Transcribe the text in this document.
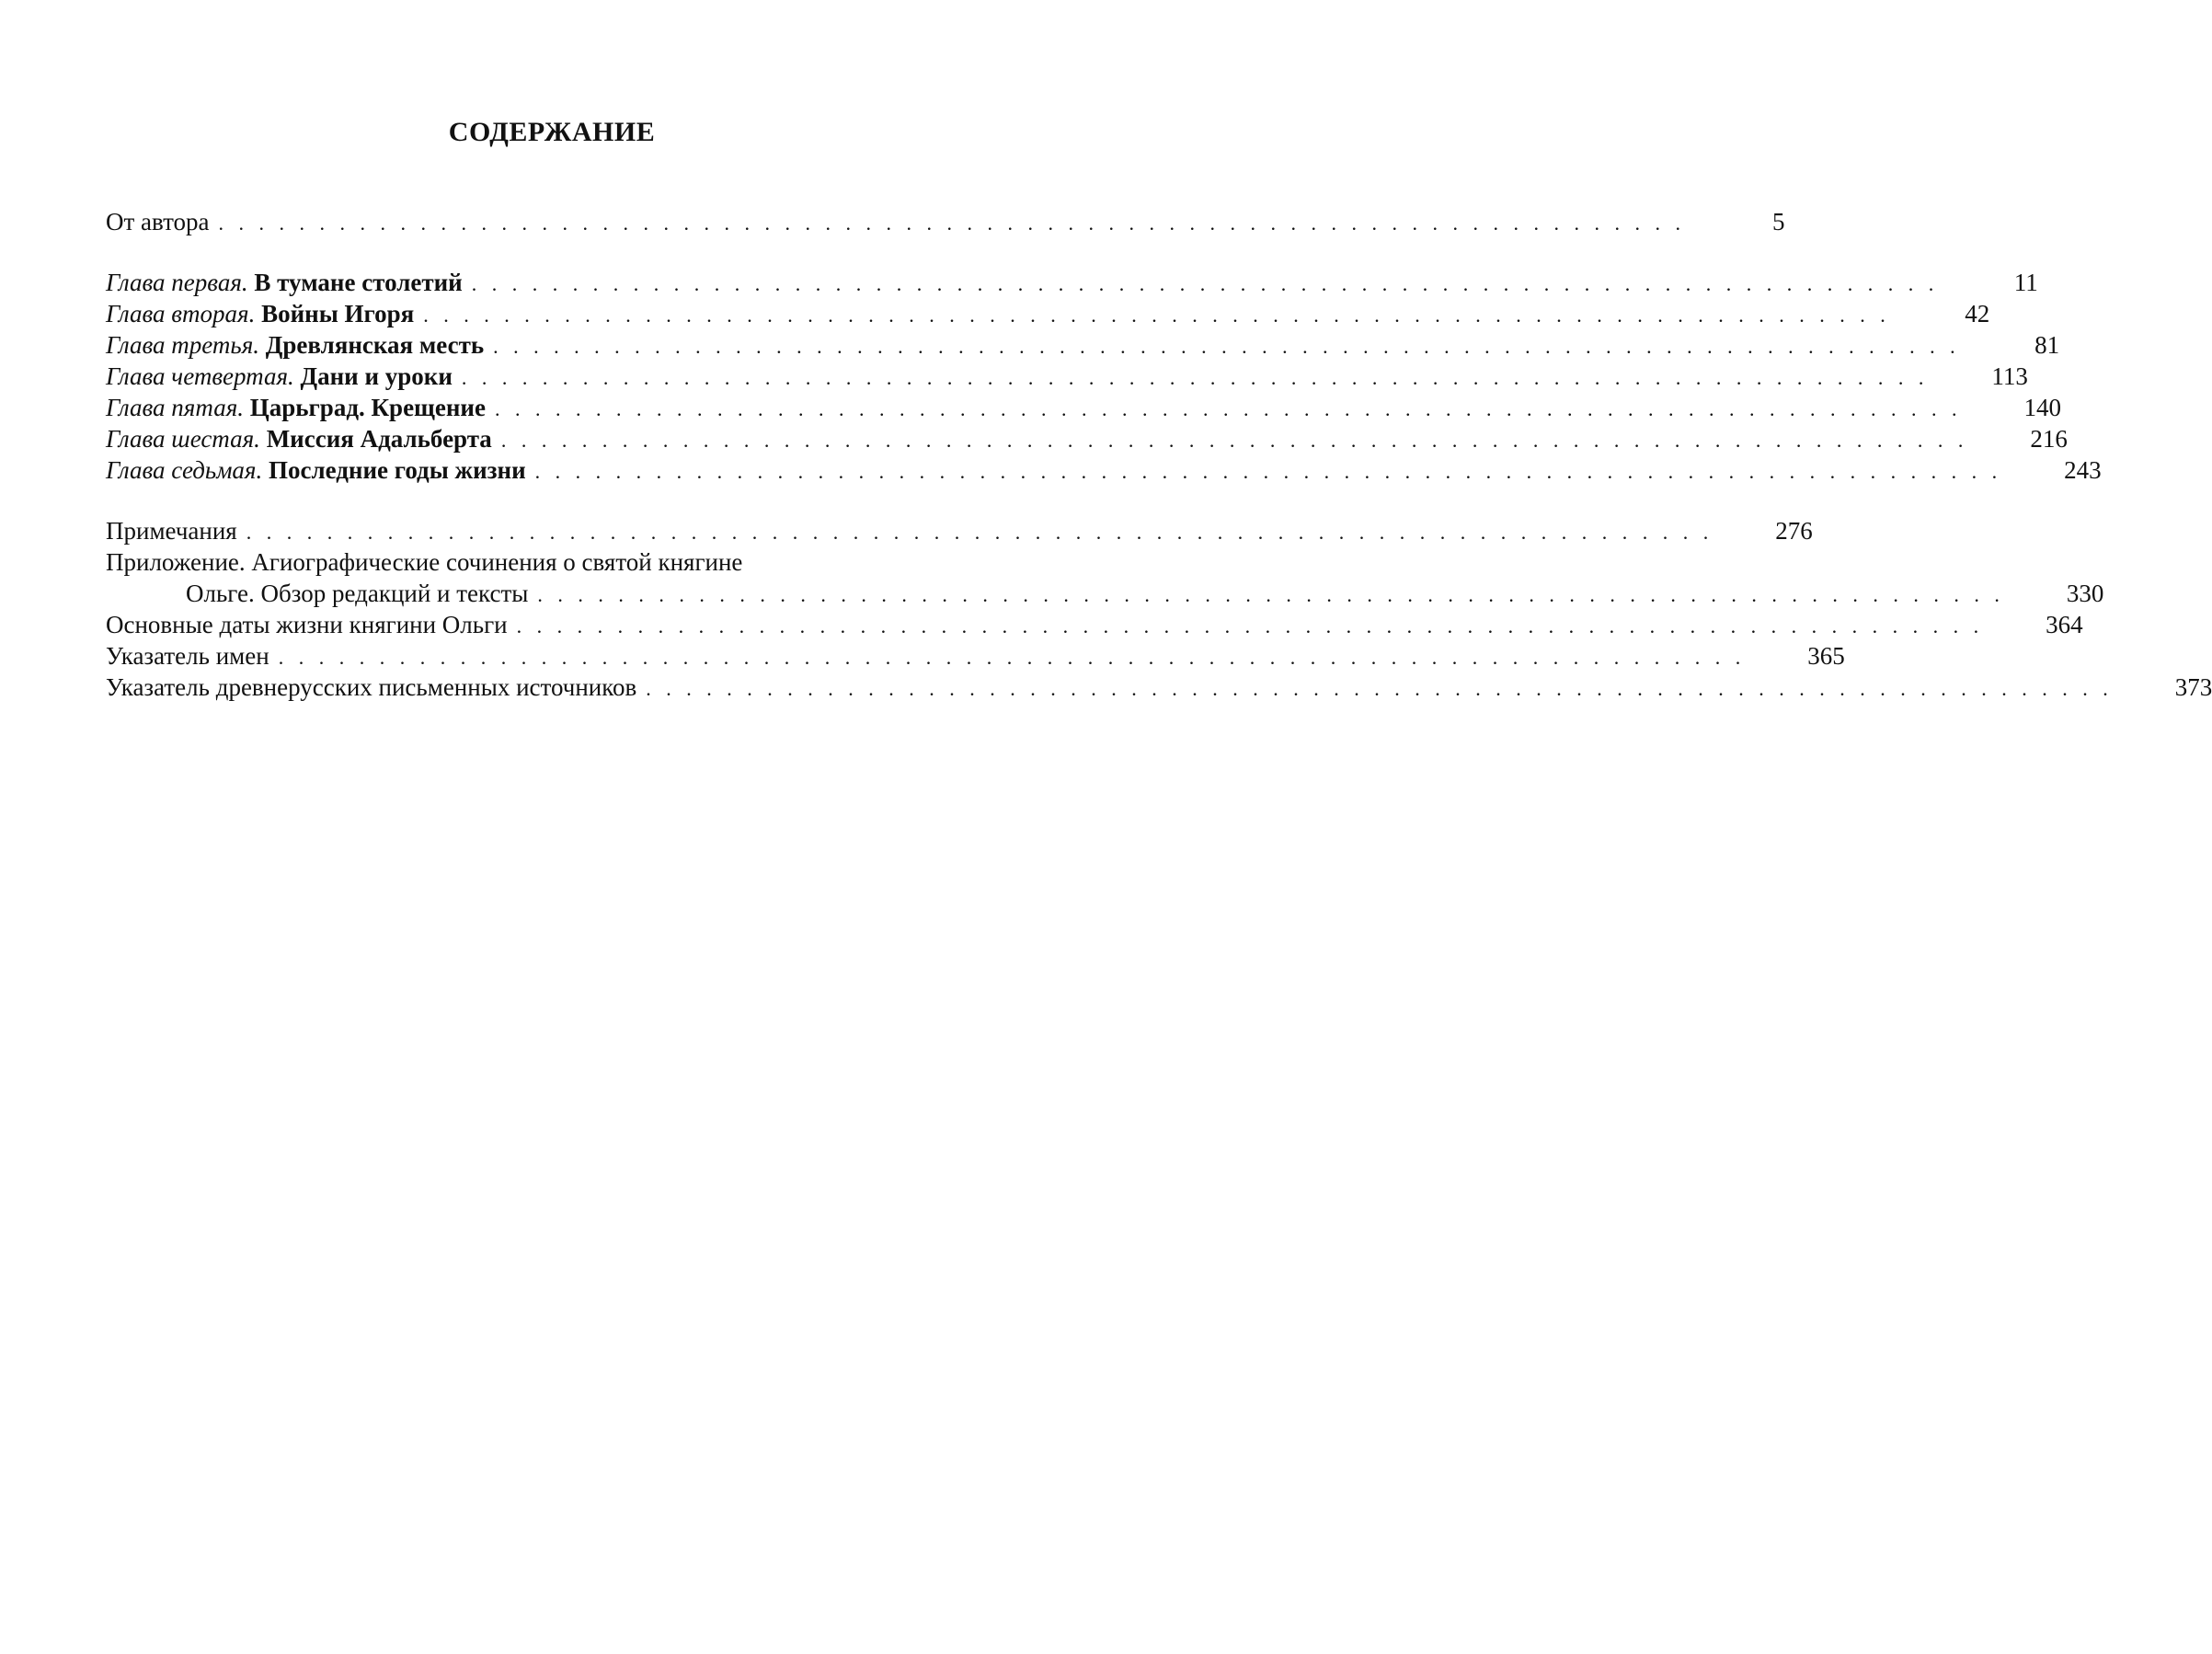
СОДЕРЖАНИЕ
От автора . . . . . . . . . . . . . . . . . . . . . . . . . . . . . . . . . . . . . . . . . . . . . . . . . . . . . . . . . . . . . . . . . . . . . . . . .	5
Глава первая. В тумане столетий . . . . . . . . . . . . . . . . . . . . . . . . . . . . . . . . . . . . . . . . . . . . . . . . . . . . . . . . . . . . . . . . . . . . . . . . .	11
Глава вторая. Войны Игоря . . . . . . . . . . . . . . . . . . . . . . . . . . . . . . . . . . . . . . . . . . . . . . . . . . . . . . . . . . . . . . . . . . . . . . . . .	42
Глава третья. Древлянская месть . . . . . . . . . . . . . . . . . . . . . . . . . . . . . . . . . . . . . . . . . . . . . . . . . . . . . . . . . . . . . . . . . . . . . . . . .	81
Глава четвертая. Дани и уроки . . . . . . . . . . . . . . . . . . . . . . . . . . . . . . . . . . . . . . . . . . . . . . . . . . . . . . . . . . . . . . . . . . . . . . . . .	113
Глава пятая. Царьград. Крещение . . . . . . . . . . . . . . . . . . . . . . . . . . . . . . . . . . . . . . . . . . . . . . . . . . . . . . . . . . . . . . . . . . . . . . . . .	140
Глава шестая. Миссия Адальберта . . . . . . . . . . . . . . . . . . . . . . . . . . . . . . . . . . . . . . . . . . . . . . . . . . . . . . . . . . . . . . . . . . . . . . . . .	216
Глава седьмая. Последние годы жизни . . . . . . . . . . . . . . . . . . . . . . . . . . . . . . . . . . . . . . . . . . . . . . . . . . . . . . . . . . . . . . . . . . . . . . . . .	243
Примечания . . . . . . . . . . . . . . . . . . . . . . . . . . . . . . . . . . . . . . . . . . . . . . . . . . . . . . . . . . . . . . . . . . . . . . . . .	276
Приложение. Агиографические сочинения о святой княгине
Ольге. Обзор редакций и тексты . . . . . . . . . . . . . . . . . . . . . . . . . . . . . . . . . . . . . . . . . . . . . . . . . . . . . . . . . . . . . . . . . . . . . . . . .	330
Основные даты жизни княгини Ольги . . . . . . . . . . . . . . . . . . . . . . . . . . . . . . . . . . . . . . . . . . . . . . . . . . . . . . . . . . . . . . . . . . . . . . . . .	364
Указатель имен . . . . . . . . . . . . . . . . . . . . . . . . . . . . . . . . . . . . . . . . . . . . . . . . . . . . . . . . . . . . . . . . . . . . . . . . .	365
Указатель древнерусских письменных источников . . . . . . . . . . . . . . . . . . . . . . . . . . . . . . . . . . . . . . . . . . . . . . . . . . . . . . . . . . . . . . . . . . . . . . . . .	373
